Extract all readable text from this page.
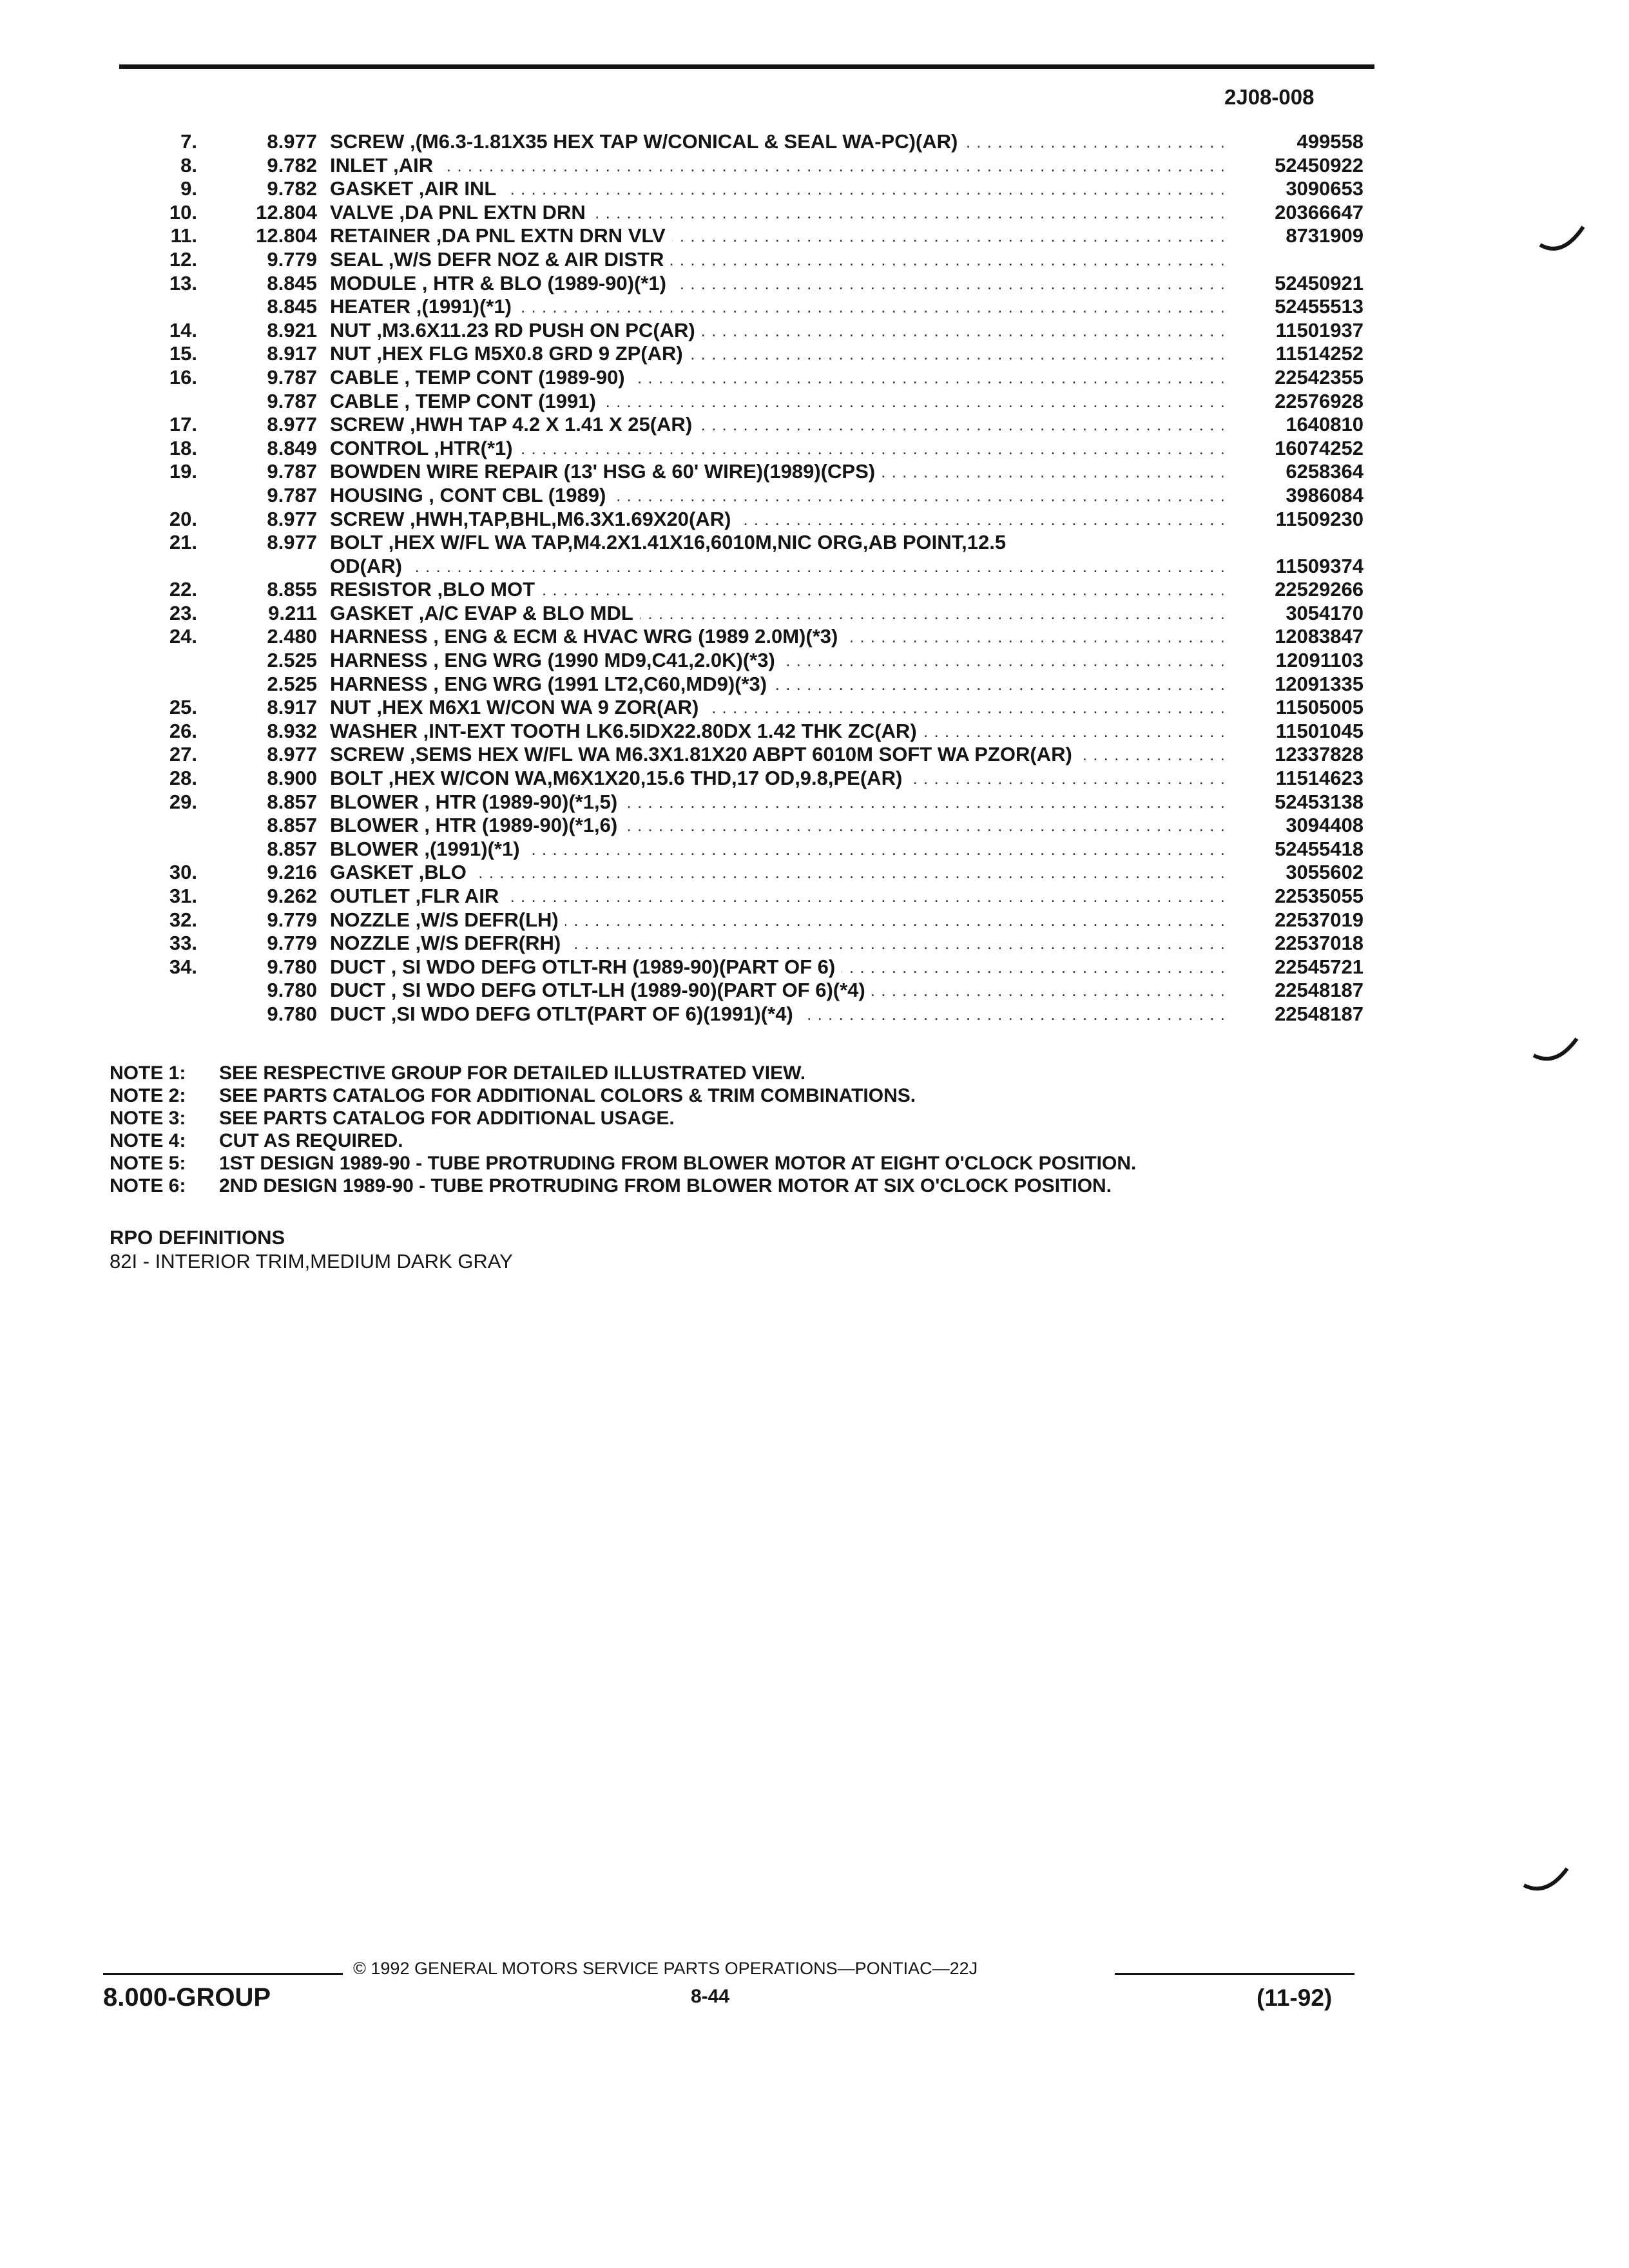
2J08-008
7.	8.977 SCREW ,(M6.3-1.81X35 HEX TAP W/CONICAL & SEAL WA-PC)(AR) . . .	499558
8.	9.782 INLET ,AIR . . .	52450922
9.	9.782 GASKET ,AIR INL . . .	3090653
10.	12.804 VALVE ,DA PNL EXTN DRN . . .	20366647
11.	12.804 RETAINER ,DA PNL EXTN DRN VLV . . .	8731909
12.	9.779 SEAL ,W/S DEFR NOZ & AIR DISTR . . .
13.	8.845 MODULE , HTR & BLO (1989-90)(*1) . . .	52450921
8.845 HEATER ,(1991)(*1) . . .	52455513
14.	8.921 NUT ,M3.6X11.23 RD PUSH ON PC(AR) . . .	11501937
15.	8.917 NUT ,HEX FLG M5X0.8 GRD 9 ZP(AR) . . .	11514252
16.	9.787 CABLE , TEMP CONT (1989-90) . . .	22542355
9.787 CABLE , TEMP CONT (1991) . . .	22576928
17.	8.977 SCREW ,HWH TAP 4.2 X 1.41 X 25(AR) . . .	1640810
18.	8.849 CONTROL ,HTR(*1) . . .	16074252
19.	9.787 BOWDEN WIRE REPAIR (13' HSG & 60' WIRE)(1989)(CPS) . . .	6258364
9.787 HOUSING , CONT CBL (1989) . . .	3986084
20.	8.977 SCREW ,HWH,TAP,BHL,M6.3X1.69X20(AR) . . .	11509230
21.	8.977 BOLT ,HEX W/FL WA TAP,M4.2X1.41X16,6010M,NIC ORG,AB POINT,12.5
OD(AR) . . .	11509374
22.	8.855 RESISTOR ,BLO MOT . . .	22529266
23.	9.211 GASKET ,A/C EVAP & BLO MDL . . .	3054170
24.	2.480 HARNESS , ENG & ECM & HVAC WRG (1989 2.0M)(*3) . . .	12083847
2.525 HARNESS , ENG WRG (1990 MD9,C41,2.0K)(*3) . . .	12091103
2.525 HARNESS , ENG WRG (1991 LT2,C60,MD9)(*3) . . .	12091335
25.	8.917 NUT ,HEX M6X1 W/CON WA 9 ZOR(AR) . . .	11505005
26.	8.932 WASHER ,INT-EXT TOOTH LK6.5IDX22.80DX 1.42 THK ZC(AR) . . .	11501045
27.	8.977 SCREW ,SEMS HEX W/FL WA M6.3X1.81X20 ABPT 6010M SOFT WA PZOR(AR) . . .	12337828
28.	8.900 BOLT ,HEX W/CON WA,M6X1X20,15.6 THD,17 OD,9.8,PE(AR) . . .	11514623
29.	8.857 BLOWER , HTR (1989-90)(*1,5) . . .	52453138
8.857 BLOWER , HTR (1989-90)(*1,6) . . .	3094408
8.857 BLOWER ,(1991)(*1) . . .	52455418
30.	9.216 GASKET ,BLO . . .	3055602
31.	9.262 OUTLET ,FLR AIR . . .	22535055
32.	9.779 NOZZLE ,W/S DEFR(LH) . . .	22537019
33.	9.779 NOZZLE ,W/S DEFR(RH) . . .	22537018
34.	9.780 DUCT , SI WDO DEFG OTLT-RH (1989-90)(PART OF 6) . . .	22545721
9.780 DUCT , SI WDO DEFG OTLT-LH (1989-90)(PART OF 6)(*4) . . .	22548187
9.780 DUCT ,SI WDO DEFG OTLT(PART OF 6)(1991)(*4) . . .	22548187
NOTE 1: SEE RESPECTIVE GROUP FOR DETAILED ILLUSTRATED VIEW.
NOTE 2: SEE PARTS CATALOG FOR ADDITIONAL COLORS & TRIM COMBINATIONS.
NOTE 3: SEE PARTS CATALOG FOR ADDITIONAL USAGE.
NOTE 4: CUT AS REQUIRED.
NOTE 5: 1ST DESIGN 1989-90 - TUBE PROTRUDING FROM BLOWER MOTOR AT EIGHT O'CLOCK POSITION.
NOTE 6: 2ND DESIGN 1989-90 - TUBE PROTRUDING FROM BLOWER MOTOR AT SIX O'CLOCK POSITION.
RPO DEFINITIONS
82I - INTERIOR TRIM,MEDIUM DARK GRAY
© 1992 GENERAL MOTORS SERVICE PARTS OPERATIONS—PONTIAC—22J
8.000-GROUP	8-44	(11-92)
